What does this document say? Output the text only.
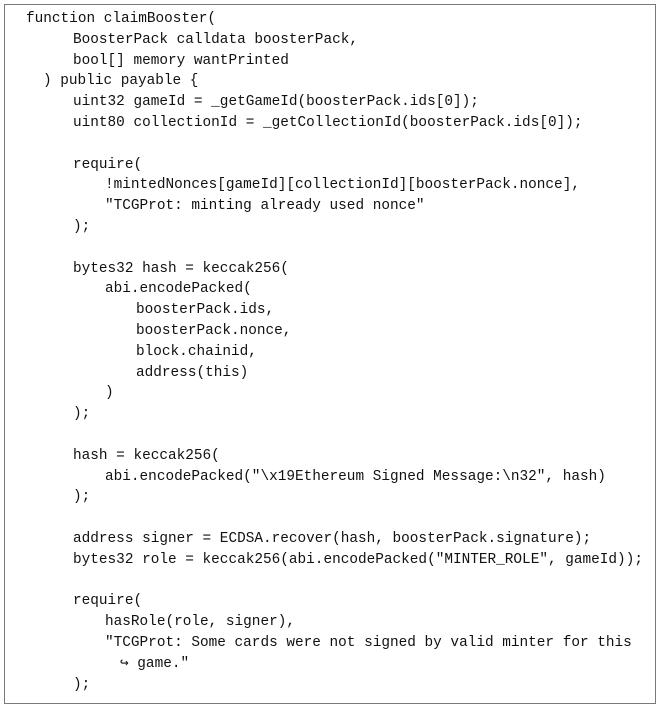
function claimBooster(
BoosterPack calldata boosterPack,
bool[] memory wantPrinted
) public payable {
uint32 gameId = _getGameId(boosterPack.ids[0]);
uint80 collectionId = _getCollectionId(boosterPack.ids[0]);
require(
!mintedNonces[gameId][collectionId][boosterPack.nonce],
"TCGProt: minting already used nonce"
);
bytes32 hash = keccak256(
abi.encodePacked(
boosterPack.ids,
boosterPack.nonce,
block.chainid,
address(this)
)
);
hash = keccak256(
abi.encodePacked("\x19Ethereum Signed Message:\n32", hash)
);
address signer = ECDSA.recover(hash, boosterPack.signature);
bytes32 role = keccak256(abi.encodePacked("MINTER_ROLE", gameId));
require(
hasRole(role, signer),
"TCGProt: Some cards were not signed by valid minter for this
↪ game."
);
